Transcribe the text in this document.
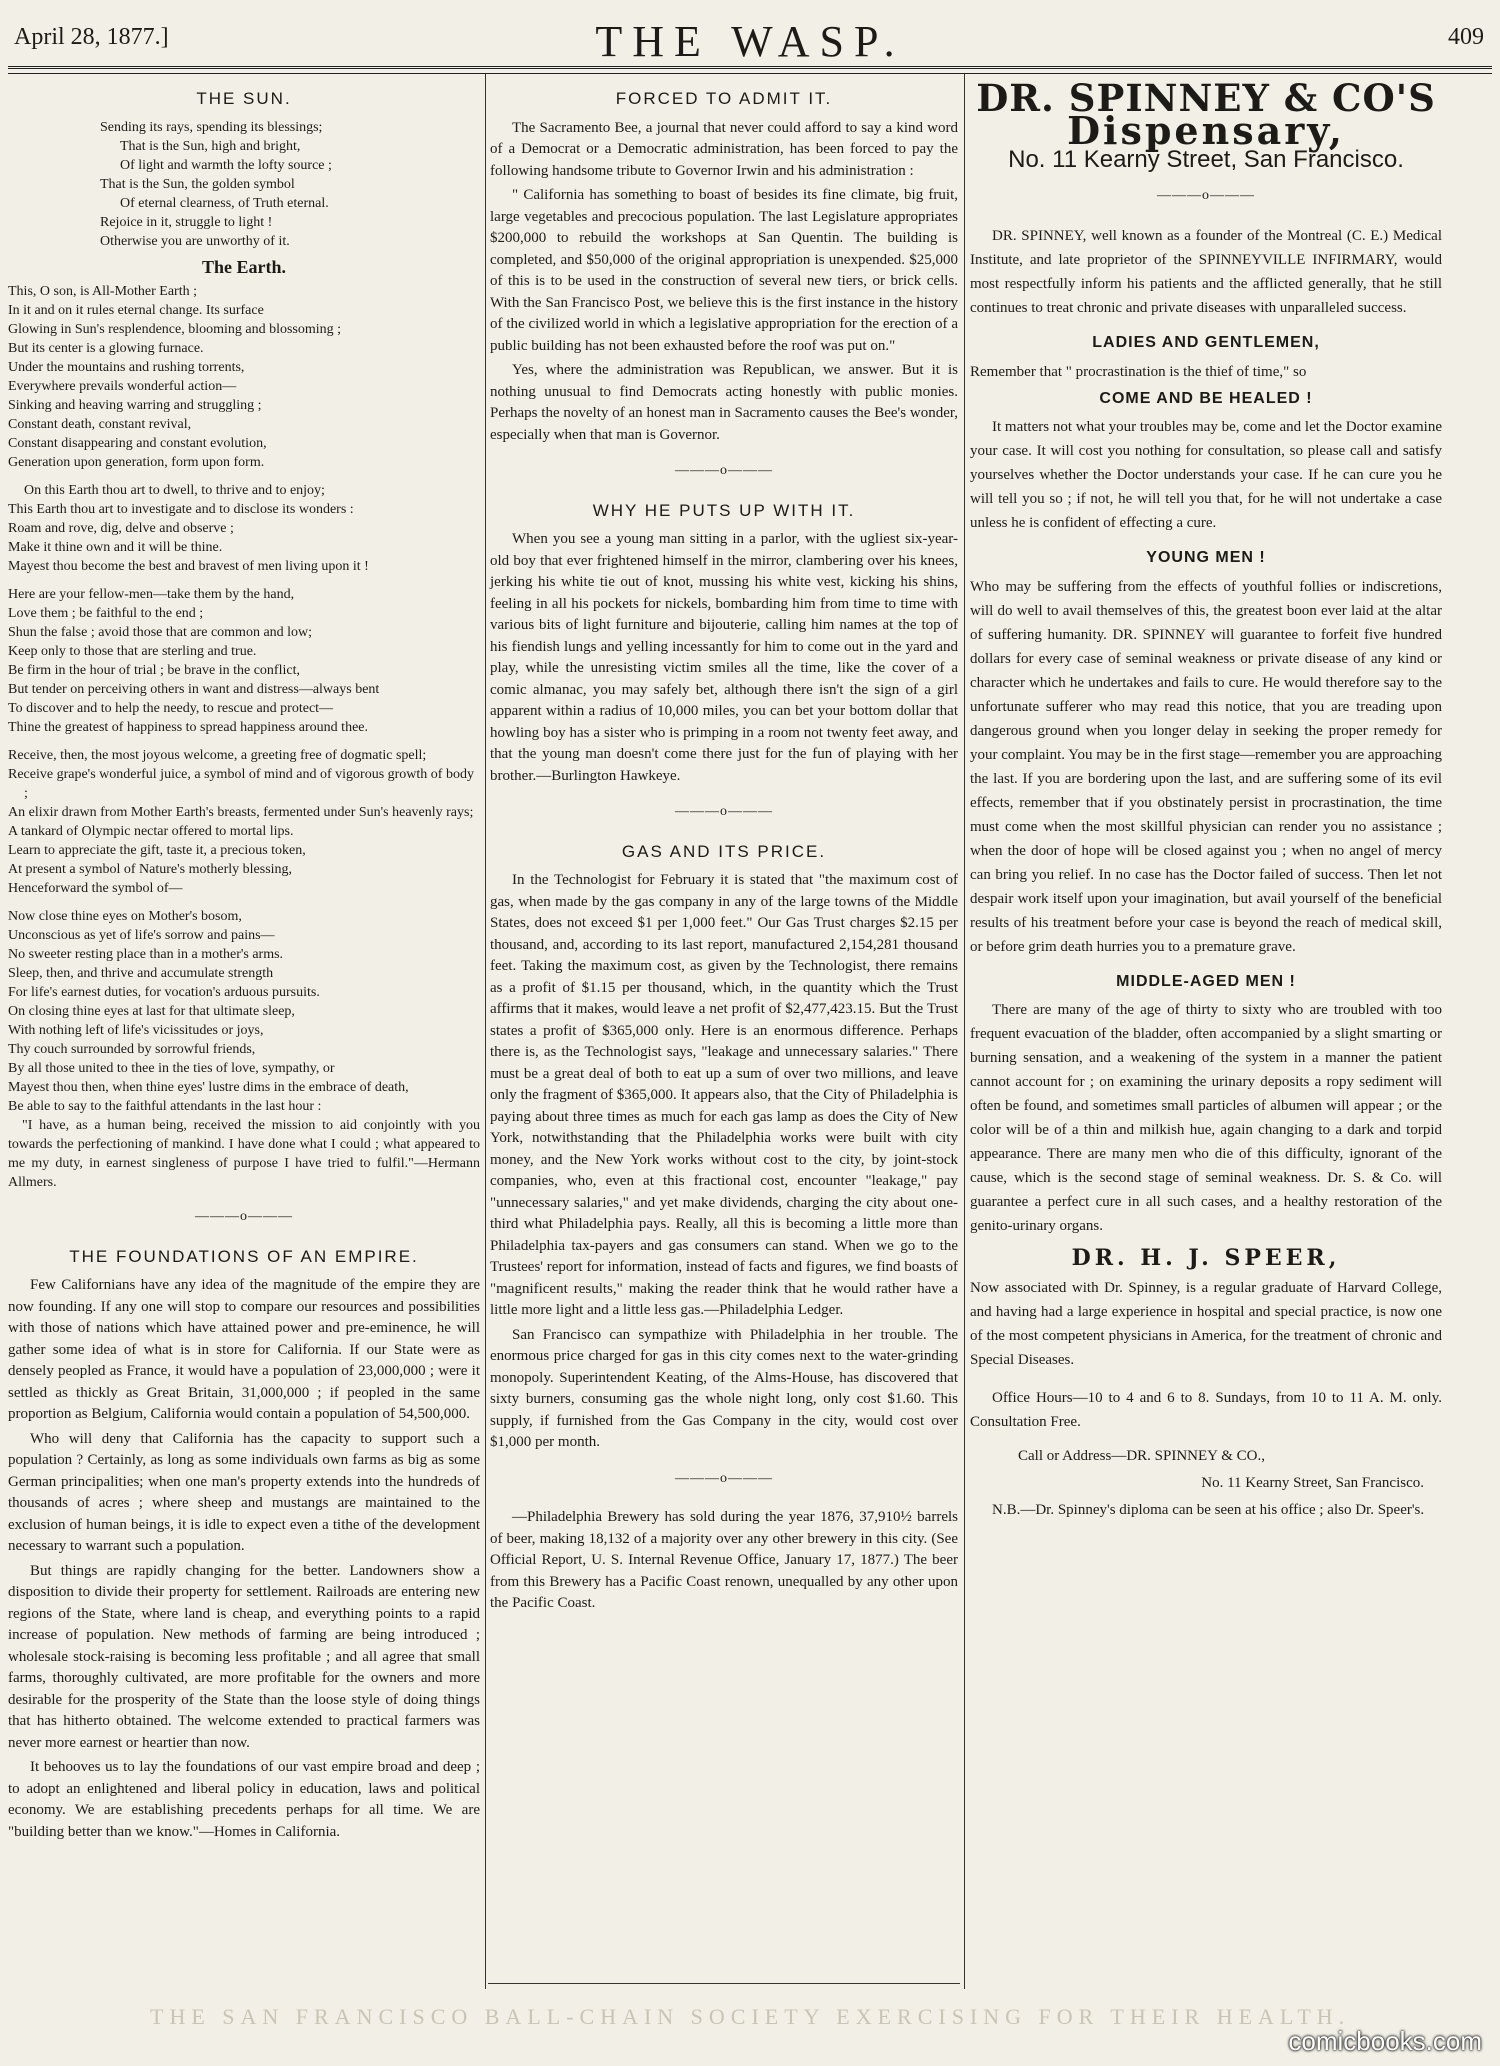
April 28, 1877.]	THE WASP.	409
THE SUN.
Sending its rays, spending its blessings;
That is the Sun, high and bright,
Of light and warmth the lofty source ;
That is the Sun, the golden symbol
Of eternal clearness, of Truth eternal.
Rejoice in it, struggle to light !
Otherwise you are unworthy of it.
The Earth.
This, O son, is All-Mother Earth ;
In it and on it rules eternal change. Its surface
Glowing in Sun's resplendence, blooming and blossoming ;
But its center is a glowing furnace.
Under the mountains and rushing torrents,
Everywhere prevails wonderful action—
Sinking and heaving warring and struggling ;
Constant death, constant revival,
Constant disappearing and constant evolution,
Generation upon generation, form upon form.
On this Earth thou art to dwell, to thrive and to enjoy;
This Earth thou art to investigate and to disclose its wonders :
Roam and rove, dig, delve and observe ;
Make it thine own and it will be thine.
Mayest thou become the best and bravest of men living upon it !
Here are your fellow-men—take them by the hand,
Love them ; be faithful to the end ;
Shun the false ; avoid those that are common and low;
Keep only to those that are sterling and true.
Be firm in the hour of trial ; be brave in the conflict,
But tender on perceiving others in want and distress—always bent
To discover and to help the needy, to rescue and protect—
Thine the greatest of happiness to spread happiness around thee.
Receive, then, the most joyous welcome, a greeting free of dogmatic spell;
Receive grape's wonderful juice, a symbol of mind and of vigorous growth of body ;
An elixir drawn from Mother Earth's breasts, fermented under Sun's heavenly rays;
A tankard of Olympic nectar offered to mortal lips.
Learn to appreciate the gift, taste it, a precious token,
At present a symbol of Nature's motherly blessing,
Henceforward the symbol of—
Now close thine eyes on Mother's bosom,
Unconscious as yet of life's sorrow and pains—
No sweeter resting place than in a mother's arms.
Sleep, then, and thrive and accumulate strength
For life's earnest duties, for vocation's arduous pursuits.
On closing thine eyes at last for that ultimate sleep,
With nothing left of life's vicissitudes or joys,
Thy couch surrounded by sorrowful friends,
By all those united to thee in the ties of love, sympathy, or
Mayest thou then, when thine eyes' lustre dims in the embrace of death,
Be able to say to the faithful attendants in the last hour :

"I have, as a human being, received the mission to aid conjointly with you towards the perfectioning of mankind. I have done what I could ; what appeared to me my duty, in earnest singleness of purpose I have tried to fulfil."—Hermann Allmers.

———o———
THE FOUNDATIONS OF AN EMPIRE.

Few Californians have any idea of the magnitude of the empire they are now founding. If any one will stop to compare our resources and possibilities with those of nations which have attained power and pre-eminence, he will gather some idea of what is in store for California. If our State were as densely peopled as France, it would have a population of 23,000,000 ; were it settled as thickly as Great Britain, 31,000,000 ; if peopled in the same proportion as Belgium, California would contain a population of 54,500,000.

Who will deny that California has the capacity to support such a population ? Certainly, as long as some individuals own farms as big as some German principalities; when one man's property extends into the hundreds of thousands of acres ; where sheep and mustangs are maintained to the exclusion of human beings, it is idle to expect even a tithe of the development necessary to warrant such a population.

But things are rapidly changing for the better. Landowners show a disposition to divide their property for settlement. Railroads are entering new regions of the State, where land is cheap, and everything points to a rapid increase of population. New methods of farming are being introduced ; wholesale stock-raising is becoming less profitable ; and all agree that small farms, thoroughly cultivated, are more profitable for the owners and more desirable for the prosperity of the State than the loose style of doing things that has hitherto obtained. The welcome extended to practical farmers was never more earnest or heartier than now.

It behooves us to lay the foundations of our vast empire broad and deep ; to adopt an enlightened and liberal policy in education, laws and political economy. We are establishing precedents perhaps for all time. We are "building better than we know."—Homes in California.

FORCED TO ADMIT IT.

The Sacramento Bee, a journal that never could afford to say a kind word of a Democrat or a Democratic administration, has been forced to pay the following handsome tribute to Governor Irwin and his administration :

" California has something to boast of besides its fine climate, big fruit, large vegetables and precocious population. The last Legislature appropriates $200,000 to rebuild the workshops at San Quentin. The building is completed, and $50,000 of the original appropriation is unexpended. $25,000 of this is to be used in the construction of several new tiers, or brick cells. With the San Francisco Post, we believe this is the first instance in the history of the civilized world in which a legislative appropriation for the erection of a public building has not been exhausted before the roof was put on."

Yes, where the administration was Republican, we answer. But it is nothing unusual to find Democrats acting honestly with public monies. Perhaps the novelty of an honest man in Sacramento causes the Bee's wonder, especially when that man is Governor.

———o———
WHY HE PUTS UP WITH IT.

When you see a young man sitting in a parlor, with the ugliest six-year-old boy that ever frightened himself in the mirror, clambering over his knees, jerking his white tie out of knot, mussing his white vest, kicking his shins, feeling in all his pockets for nickels, bombarding him from time to time with various bits of light furniture and bijouterie, calling him names at the top of his fiendish lungs and yelling incessantly for him to come out in the yard and play, while the unresisting victim smiles all the time, like the cover of a comic almanac, you may safely bet, although there isn't the sign of a girl apparent within a radius of 10,000 miles, you can bet your bottom dollar that howling boy has a sister who is primping in a room not twenty feet away, and that the young man doesn't come there just for the fun of playing with her brother.—Burlington Hawkeye.

———o———
GAS AND ITS PRICE.

In the Technologist for February it is stated that "the maximum cost of gas, when made by the gas company in any of the large towns of the Middle States, does not exceed $1 per 1,000 feet." Our Gas Trust charges $2.15 per thousand, and, according to its last report, manufactured 2,154,281 thousand feet. Taking the maximum cost, as given by the Technologist, there remains as a profit of $1.15 per thousand, which, in the quantity which the Trust affirms that it makes, would leave a net profit of $2,477,423.15. But the Trust states a profit of $365,000 only. Here is an enormous difference. Perhaps there is, as the Technologist says, "leakage and unnecessary salaries." There must be a great deal of both to eat up a sum of over two millions, and leave only the fragment of $365,000. It appears also, that the City of Philadelphia is paying about three times as much for each gas lamp as does the City of New York, notwithstanding that the Philadelphia works were built with city money, and the New York works without cost to the city, by joint-stock companies, who, even at this fractional cost, encounter "leakage," pay "unnecessary salaries," and yet make dividends, charging the city about one-third what Philadelphia pays. Really, all this is becoming a little more than Philadelphia tax-payers and gas consumers can stand. When we go to the Trustees' report for information, instead of facts and figures, we find boasts of "magnificent results," making the reader think that he would rather have a little more light and a little less gas.—Philadelphia Ledger.

San Francisco can sympathize with Philadelphia in her trouble. The enormous price charged for gas in this city comes next to the water-grinding monopoly. Superintendent Keating, of the Alms-House, has discovered that sixty burners, consuming gas the whole night long, only cost $1.60. This supply, if furnished from the Gas Company in the city, would cost over $1,000 per month.

———o———

—Philadelphia Brewery has sold during the year 1876, 37,910½ barrels of beer, making 18,132 of a majority over any other brewery in this city. (See Official Report, U. S. Internal Revenue Office, January 17, 1877.) The beer from this Brewery has a Pacific Coast renown, unequalled by any other upon the Pacific Coast.

DR. SPINNEY & CO'S
Dispensary,
No. 11 Kearny Street, San Francisco.
———o———

DR. SPINNEY, well known as a founder of the Montreal (C. E.) Medical Institute, and late proprietor of the SPINNEYVILLE INFIRMARY, would most respectfully inform his patients and the afflicted generally, that he still continues to treat chronic and private diseases with unparalleled success.

LADIES AND GENTLEMEN,

Remember that " procrastination is the thief of time," so

COME AND BE HEALED !

It matters not what your troubles may be, come and let the Doctor examine your case. It will cost you nothing for consultation, so please call and satisfy yourselves whether the Doctor understands your case. If he can cure you he will tell you so ; if not, he will tell you that, for he will not undertake a case unless he is confident of effecting a cure.

YOUNG MEN !

Who may be suffering from the effects of youthful follies or indiscretions, will do well to avail themselves of this, the greatest boon ever laid at the altar of suffering humanity. DR. SPINNEY will guarantee to forfeit five hundred dollars for every case of seminal weakness or private disease of any kind or character which he undertakes and fails to cure. He would therefore say to the unfortunate sufferer who may read this notice, that you are treading upon dangerous ground when you longer delay in seeking the proper remedy for your complaint. You may be in the first stage—remember you are approaching the last. If you are bordering upon the last, and are suffering some of its evil effects, remember that if you obstinately persist in procrastination, the time must come when the most skillful physician can render you no assistance ; when the door of hope will be closed against you ; when no angel of mercy can bring you relief. In no case has the Doctor failed of success. Then let not despair work itself upon your imagination, but avail yourself of the beneficial results of his treatment before your case is beyond the reach of medical skill, or before grim death hurries you to a premature grave.

MIDDLE-AGED MEN !

There are many of the age of thirty to sixty who are troubled with too frequent evacuation of the bladder, often accompanied by a slight smarting or burning sensation, and a weakening of the system in a manner the patient cannot account for ; on examining the urinary deposits a ropy sediment will often be found, and sometimes small particles of albumen will appear ; or the color will be of a thin and milkish hue, again changing to a dark and torpid appearance. There are many men who die of this difficulty, ignorant of the cause, which is the second stage of seminal weakness. Dr. S. & Co. will guarantee a perfect cure in all such cases, and a healthy restoration of the genito-urinary organs.

DR. H. J. SPEER,

Now associated with Dr. Spinney, is a regular graduate of Harvard College, and having had a large experience in hospital and special practice, is now one of the most competent physicians in America, for the treatment of chronic and Special Diseases.

Office Hours—10 to 4 and 6 to 8. Sundays, from 10 to 11 A. M. only. Consultation Free.

Call or Address—DR. SPINNEY & CO.,

No. 11 Kearny Street, San Francisco.

N.B.—Dr. Spinney's diploma can be seen at his office ; also Dr. Speer's.

THE SAN FRANCISCO BALL-CHAIN SOCIETY EXERCISING FOR THEIR HEALTH.
comicbooks.com
